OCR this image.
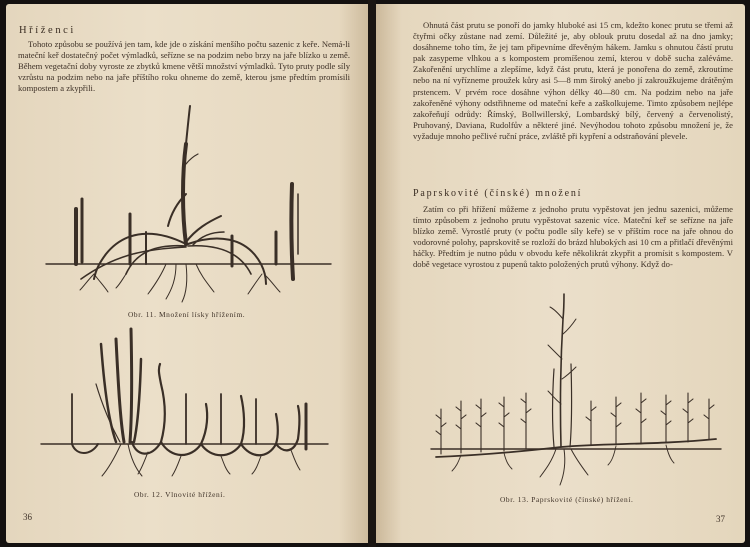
Hříženci

Tohoto způsobu se používá jen tam, kde jde o získání menšího počtu sazenic z keře. Nemá-li mateční keř dostatečný počet výmladků, seřízne se na podzim nebo brzy na jaře blízko u země. Během vegetační doby vyroste ze zbytků kmene větší množství výmladků. Tyto pruty podle síly vzrůstu na podzim nebo na jaře příštího roku ohneme do země, kterou jsme předtím promísili kompostem a zkypřili.

Obr. 11. Množení lísky hřížením.
Obr. 12. Vlnovité hřížení.
36

Ohnutá část prutu se ponoří do jamky hluboké asi 15 cm, kdežto konec prutu se třemi až čtyřmi očky zůstane nad zemí. Důležité je, aby oblouk prutu dosedal až na dno jamky; dosáhneme toho tím, že jej tam připevníme dřevěným hákem. Jamku s ohnutou částí prutu pak zasypeme vlhkou a s kompostem promíšenou zemí, kterou v době sucha zaléváme. Zakořenění urychlíme a zlepšíme, když část prutu, která je ponořena do země, zkroutíme nebo na ní vyřízneme proužek kůry asi 5—8 mm široký anebo jí zakroužkujeme drátěným prstencem. V prvém roce dosáhne výhon délky 40—80 cm. Na podzim nebo na jaře zakořeněné výhony odstřihneme od mateční keře a zaškolkujeme. Timto způsobem nejlépe zakořeňují odrůdy: Římský, Bollwillerský, Lombardský bílý, červený a červenolistý, Pruhovaný, Daviana, Rudolfův a některé jiné. Nevýhodou tohoto způsobu množení je, že vyžaduje mnoho pečlivé ruční práce, zvláště při kypření a odstraňování plevele.

Paprskovité (čínské) množení

Zatím co při hřížení můžeme z jednoho prutu vypěstovat jen jednu sazenici, můžeme tímto způsobem z jednoho prutu vypěstovat sazenic více. Mateční keř se seřízne na jaře blízko země. Vyrostlé pruty (v počtu podle síly keře) se v příštím roce na jaře ohnou do vodorovné polohy, paprskovitě se rozloží do brázd hlubokých asi 10 cm a přitlačí dřevěnými háčky. Předtím je nutno půdu v obvodu keře několikrát zkypřit a promísit s kompostem. V době vegetace vyrostou z pupenů takto položených prutů výhony. Když do-

Obr. 13. Paprskovité (čínské) hřížení.
37
